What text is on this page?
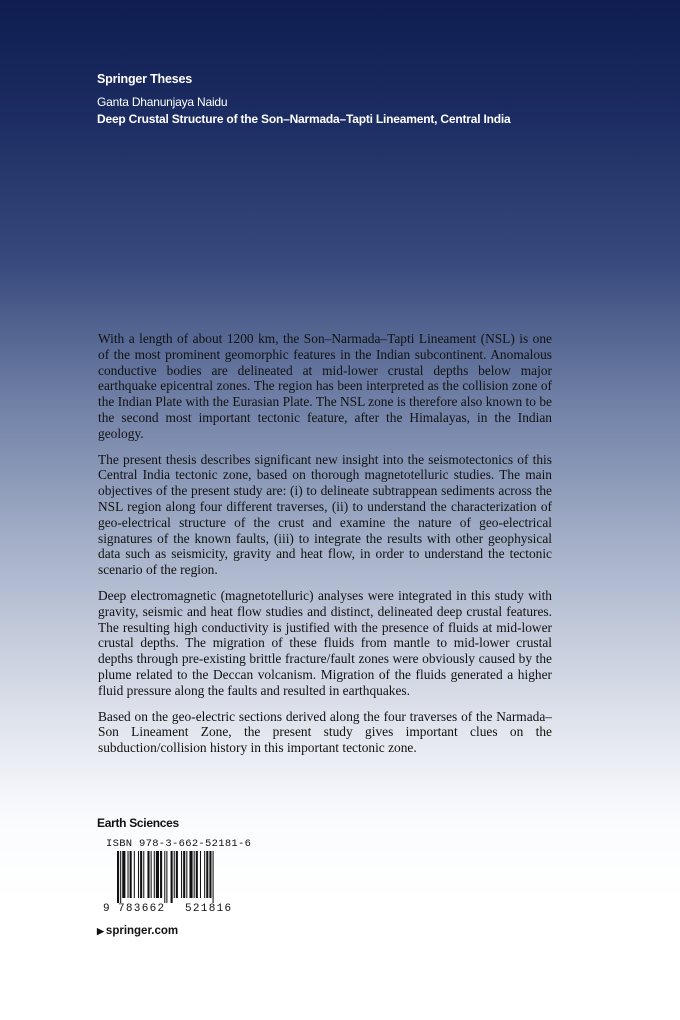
Springer Theses
Ganta Dhanunjaya Naidu
Deep Crustal Structure of the Son–Narmada–Tapti Lineament, Central India

With a length of about 1200 km, the Son–Narmada–Tapti Lineament (NSL) is one of the most prominent geomorphic features in the Indian subcontinent. Anomalous conductive bodies are delineated at mid-lower crustal depths below major earthquake epicentral zones. The region has been interpreted as the collision zone of the Indian Plate with the Eurasian Plate. The NSL zone is therefore also known to be the second most important tectonic feature, after the Himalayas, in the Indian geology.

The present thesis describes significant new insight into the seismotectonics of this Central India tectonic zone, based on thorough magnetotelluric studies. The main objectives of the present study are: (i) to delineate subtrappean sediments across the NSL region along four different traverses, (ii) to understand the characterization of geo-electrical structure of the crust and examine the nature of geo-electrical signatures of the known faults, (iii) to integrate the results with other geophysical data such as seismicity, gravity and heat flow, in order to understand the tectonic scenario of the region.

Deep electromagnetic (magnetotelluric) analyses were integrated in this study with gravity, seismic and heat flow studies and distinct, delineated deep crustal features. The resulting high conductivity is justified with the presence of fluids at mid-lower crustal depths. The migration of these fluids from mantle to mid-lower crustal depths through pre-existing brittle fracture/fault zones were obviously caused by the plume related to the Deccan volcanism. Migration of the fluids generated a higher fluid pressure along the faults and resulted in earthquakes.

Based on the geo-electric sections derived along the four traverses of the Narmada–Son Lineament Zone, the present study gives important clues on the subduction/collision history in this important tectonic zone.

Earth Sciences
ISBN 978-3-662-52181-6
9 783662 521816
▶ springer.com
